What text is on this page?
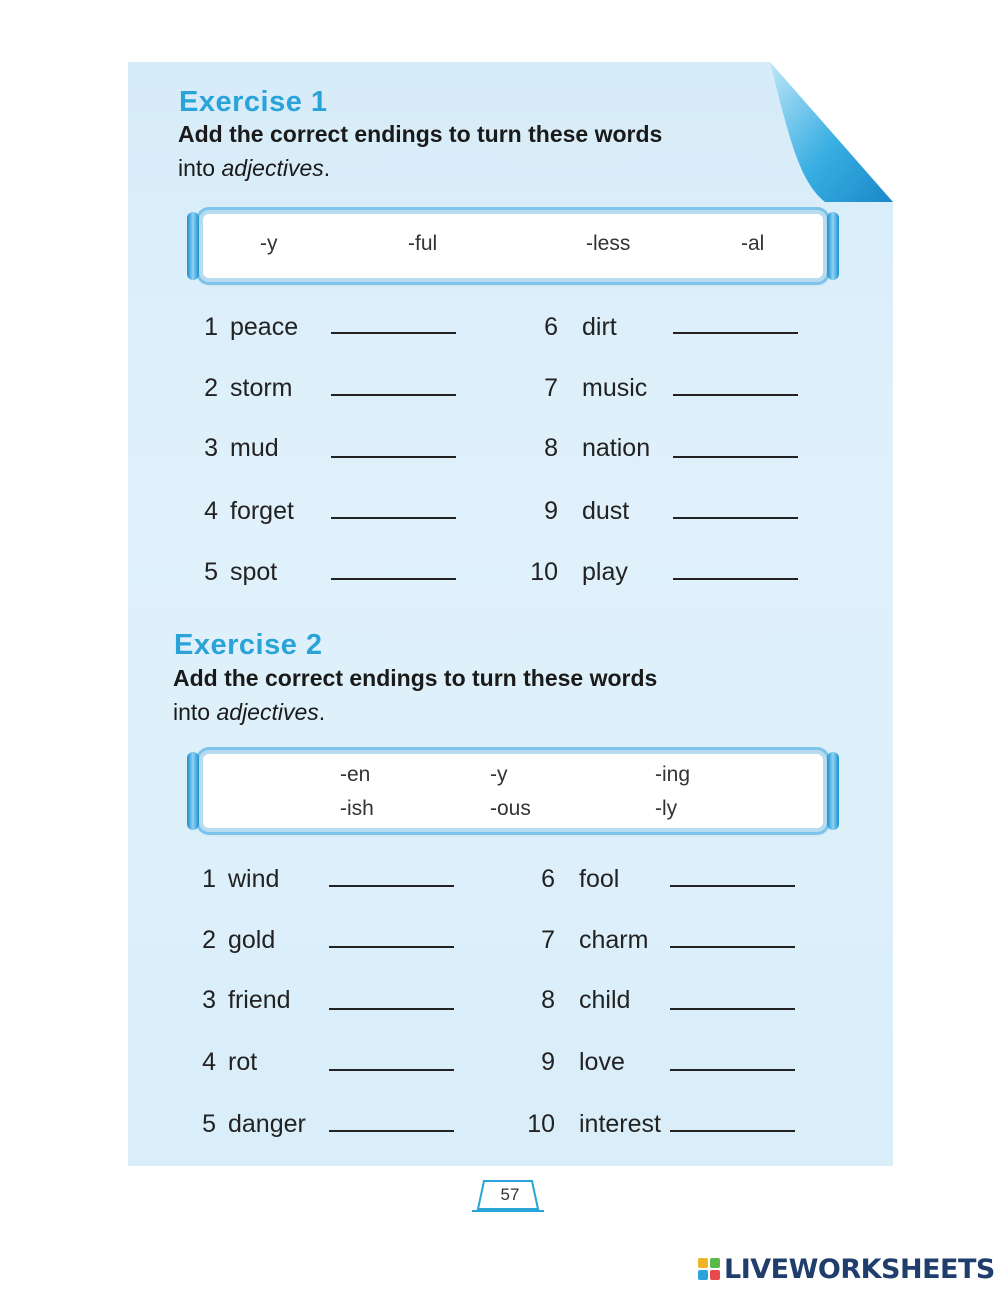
Exercise 1
Add the correct endings to turn these words
into adjectives.
-y	-ful	-less	-al
1 peace
2 storm
3 mud
4 forget
5 spot
6 dirt
7 music
8 nation
9 dust
10 play
Exercise 2
Add the correct endings to turn these words
into adjectives.
-en	-y	-ing
-ish	-ous	-ly
1 wind
2 gold
3 friend
4 rot
5 danger
6 fool
7 charm
8 child
9 love
10 interest
57
LIVEWORKSHEETS
